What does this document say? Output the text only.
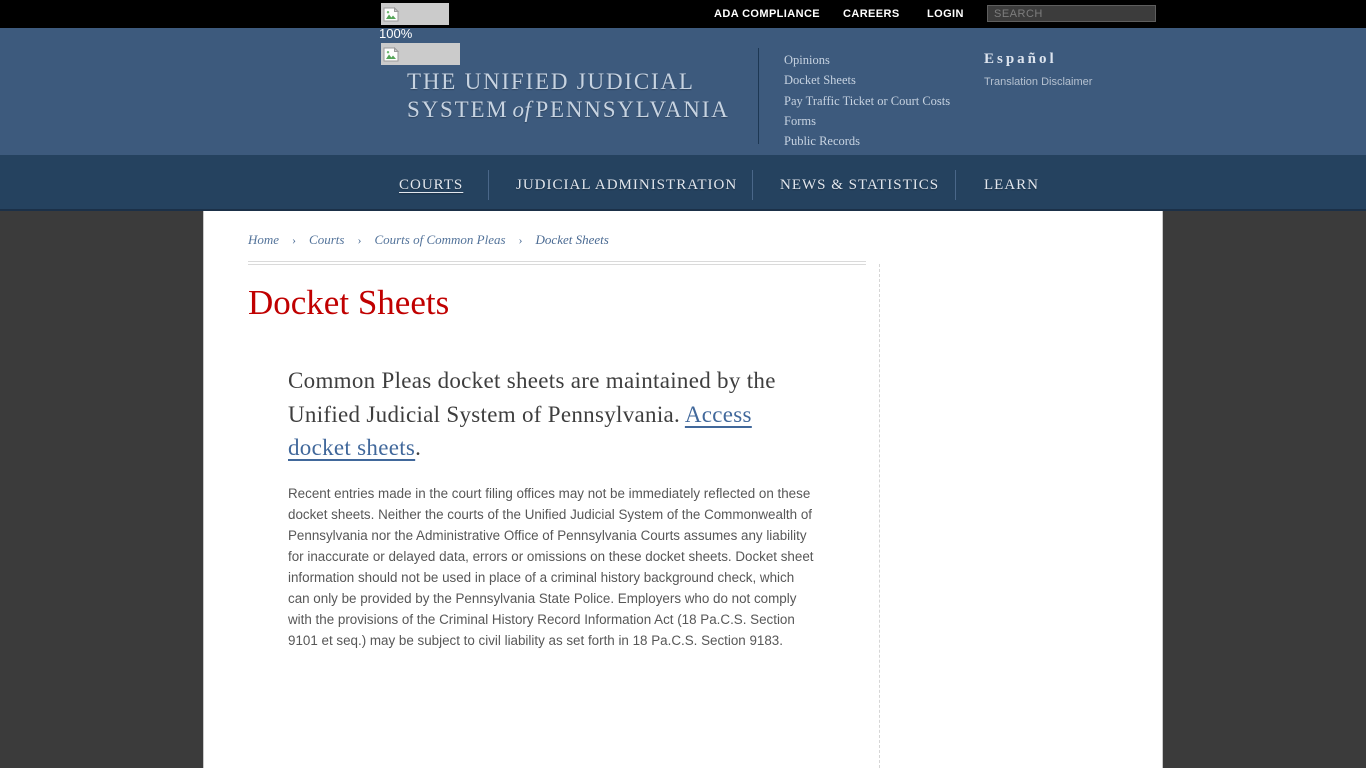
ADA COMPLIANCE CAREERS LOGIN
SEARCH
100%
THE UNIFIED JUDICIAL
SYSTEM of PENNSYLVANIA
Opinions
Docket Sheets
Pay Traffic Ticket or Court Costs
Forms
Public Records
Español
Translation Disclaimer
COURTS	JUDICIAL ADMINISTRATION	NEWS & STATISTICS	LEARN
Home › Courts › Courts of Common Pleas › Docket Sheets
Docket Sheets

Common Pleas docket sheets are maintained by the Unified Judicial System of Pennsylvania. Access docket sheets.

Recent entries made in the court filing offices may not be immediately reflected on these docket sheets. Neither the courts of the Unified Judicial System of the Commonwealth of Pennsylvania nor the Administrative Office of Pennsylvania Courts assumes any liability for inaccurate or delayed data, errors or omissions on these docket sheets. Docket sheet information should not be used in place of a criminal history background check, which can only be provided by the Pennsylvania State Police. Employers who do not comply with the provisions of the Criminal History Record Information Act (18 Pa.C.S. Section 9101 et seq.) may be subject to civil liability as set forth in 18 Pa.C.S. Section 9183.
